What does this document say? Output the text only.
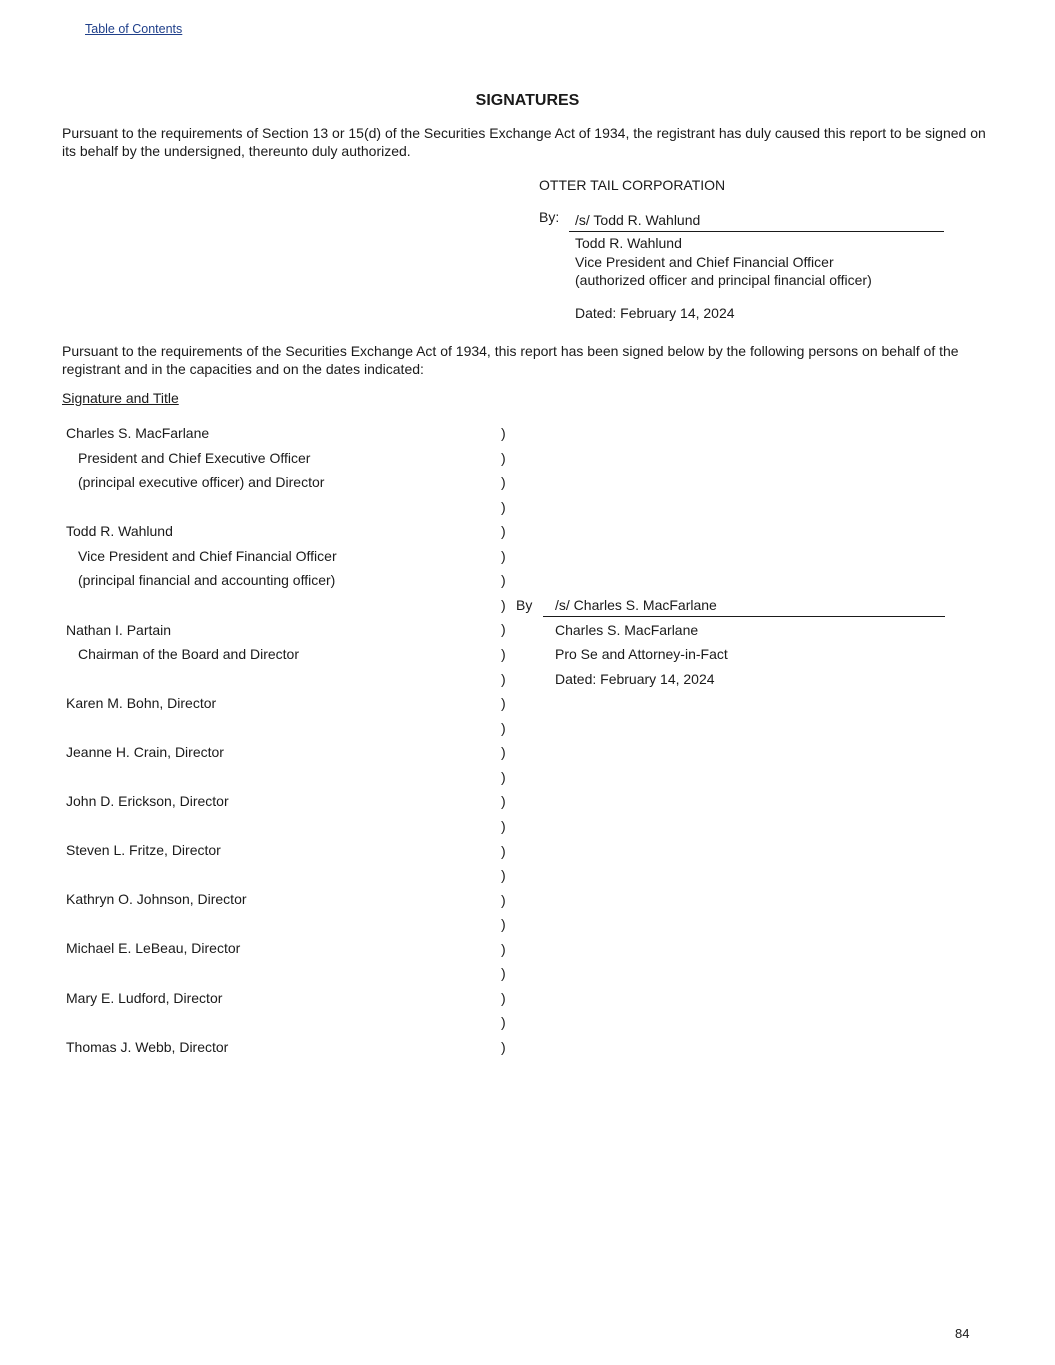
Table of Contents
SIGNATURES
Pursuant to the requirements of Section 13 or 15(d) of the Securities Exchange Act of 1934, the registrant has duly caused this report to be signed on its behalf by the undersigned, thereunto duly authorized.
OTTER TAIL CORPORATION
By: /s/ Todd R. Wahlund
Todd R. Wahlund
Vice President and Chief Financial Officer
(authorized officer and principal financial officer)
Dated: February 14, 2024
Pursuant to the requirements of the Securities Exchange Act of 1934, this report has been signed below by the following persons on behalf of the registrant and in the capacities and on the dates indicated:
Signature and Title
Charles S. MacFarlane
President and Chief Executive Officer
(principal executive officer) and Director
Todd R. Wahlund
Vice President and Chief Financial Officer
(principal financial and accounting officer)
Nathan I. Partain
Chairman of the Board and Director
Karen M. Bohn, Director
Jeanne H. Crain, Director
John D. Erickson, Director
Steven L. Fritze, Director
Kathryn O. Johnson, Director
Michael E. LeBeau, Director
Mary E. Ludford, Director
Thomas J. Webb, Director
)
)
)
)
)
)
)
)
)
)
)
)
)
)
)
)
)
)
)
)
)
)
)
)
)
)
By /s/ Charles S. MacFarlane
Charles S. MacFarlane
Pro Se and Attorney-in-Fact
Dated: February 14, 2024
84
